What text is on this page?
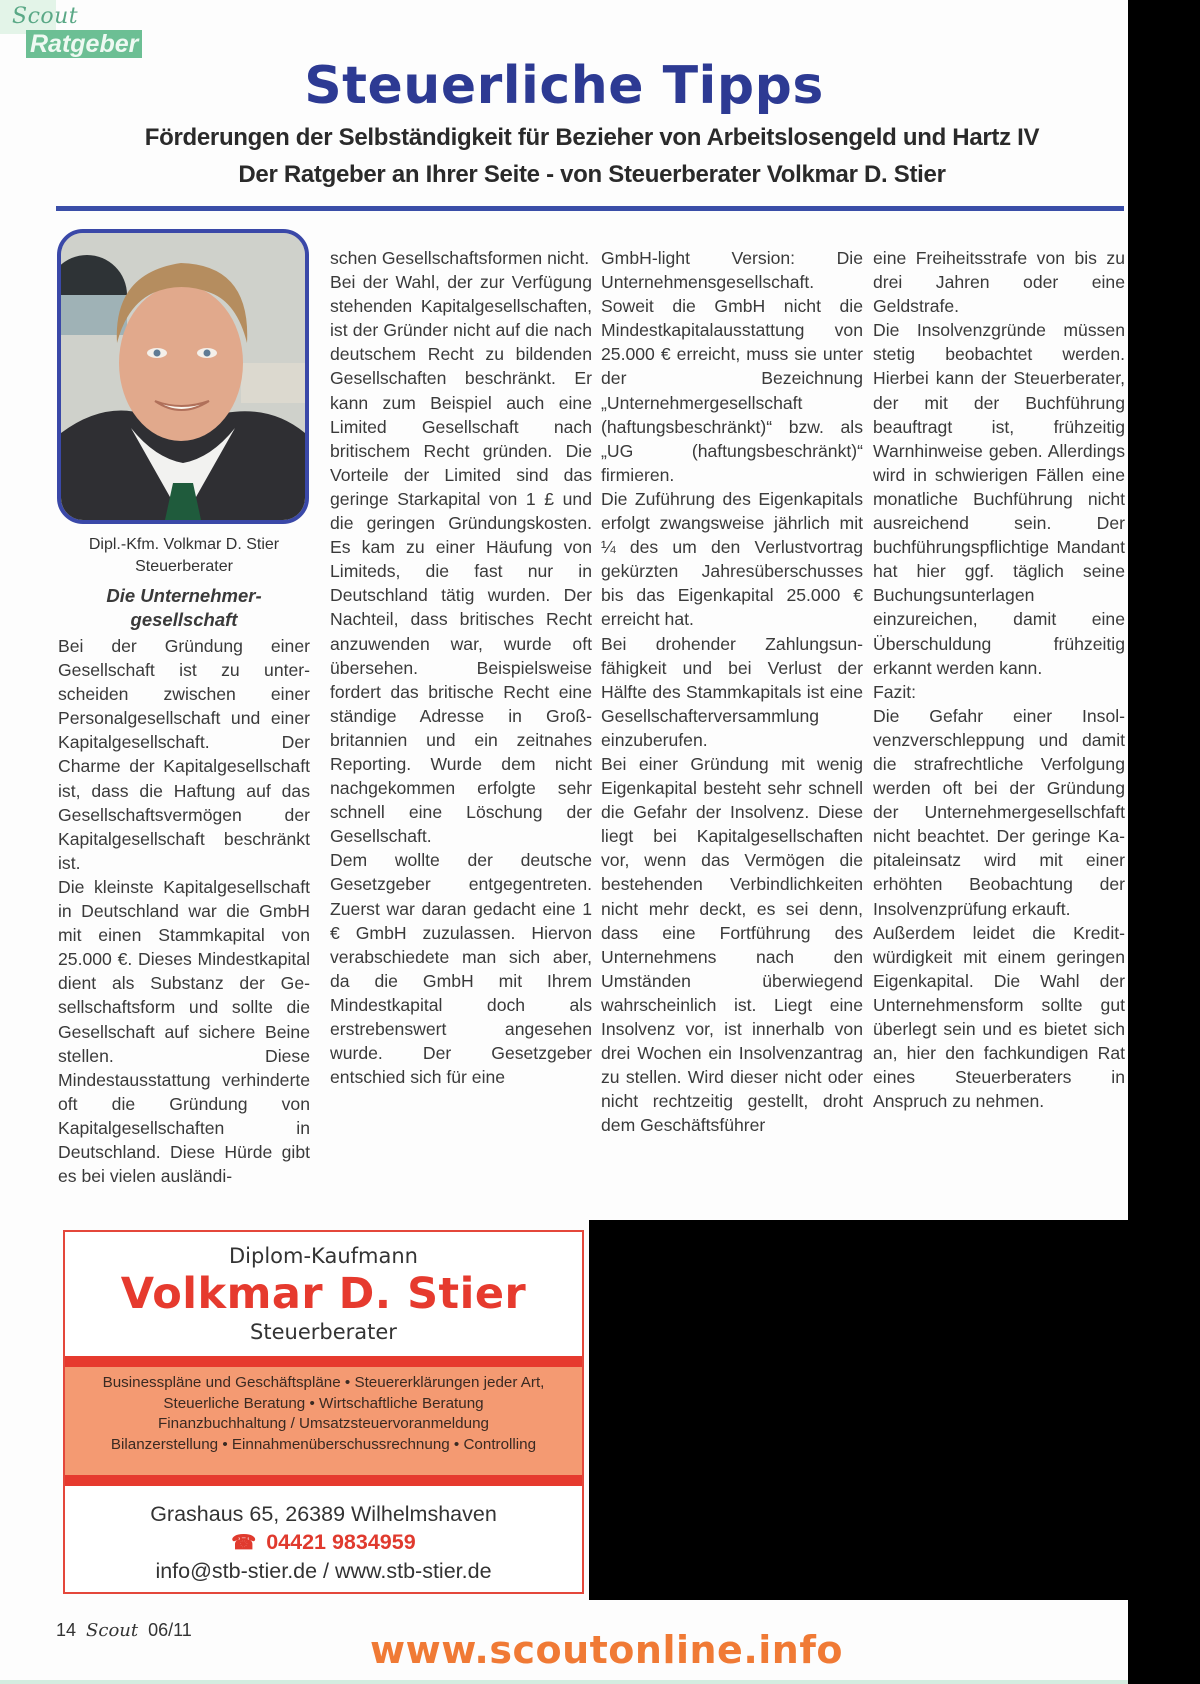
Scout
Ratgeber
Steuerliche Tipps
Förderungen der Selbständigkeit für Bezieher von Arbeitslosengeld und Hartz IV
Der Ratgeber an Ihrer Seite - von Steuerberater Volkmar D. Stier
Dipl.-Kfm. Volkmar D. Stier
Steuerberater
Die Unternehmer-
gesellschaft

Bei der Gründung einer Gesellschaft ist zu unterscheiden zwischen einer Personalgesellschaft und einer Kapitalgesellschaft. Der Charme der Kapitalgesellschaft ist, dass die Haftung auf das Gesellschaftsvermögen der Kapitalgesellschaft beschränkt ist.

Die kleinste Kapitalgesellschaft in Deutschland war die GmbH mit einen Stammkapital von 25.000 €. Dieses Mindestkapital dient als Substanz der Gesellschaftsform und sollte die Gesellschaft auf sichere Beine stellen. Diese Mindestausstattung verhinderte oft die Gründung von Kapitalgesellschaften in Deutschland. Diese Hürde gibt es bei vielen ausländi-

schen Gesellschaftsformen nicht.

Bei der Wahl, der zur Verfügung stehenden Kapitalgesellschaften, ist der Gründer nicht auf die nach deutschem Recht zu bildenden Gesellschaften beschränkt. Er kann zum Beispiel auch eine Limited Gesellschaft nach britischem Recht gründen. Die Vorteile der Limited sind das geringe Starkapital von 1 £ und die geringen Gründungskosten. Es kam zu einer Häufung von Limiteds, die fast nur in Deutschland tätig wurden. Der Nachteil, dass britisches Recht anzuwenden war, wurde oft übersehen. Beispielsweise fordert das britische Recht eine ständige Adresse in Großbritannien und ein zeitnahes Reporting. Wurde dem nicht nachgekommen erfolgte sehr schnell eine Löschung der Gesellschaft.

Dem wollte der deutsche Gesetzgeber entgegentreten. Zuerst war daran gedacht eine 1 € GmbH zuzulassen. Hiervon verabschiedete man sich aber, da die GmbH mit Ihrem Mindestkapital doch als erstrebenswert angesehen wurde. Der Gesetzgeber entschied sich für eine

GmbH-light Version: Die Unternehmensgesellschaft. Soweit die GmbH nicht die Mindestkapitalausstattung von 25.000 € erreicht, muss sie unter der Bezeichnung „Unternehmergesellschaft (haftungsbeschränkt)“ bzw. als „UG (haftungsbeschränkt)“ firmieren.

Die Zuführung des Eigenkapitals erfolgt zwangsweise jährlich mit ¼ des um den Verlustvortrag gekürzten Jahresüberschusses bis das Eigenkapital 25.000 € erreicht hat.

Bei drohender Zahlungsunfähigkeit und bei Verlust der Hälfte des Stammkapitals ist eine Gesellschafterversammlung einzuberufen.

Bei einer Gründung mit wenig Eigenkapital besteht sehr schnell die Gefahr der Insolvenz. Diese liegt bei Kapitalgesellschaften vor, wenn das Vermögen die bestehenden Verbindlichkeiten nicht mehr deckt, es sei denn, dass eine Fortführung des Unternehmens nach den Umständen überwiegend wahrscheinlich ist. Liegt eine Insolvenz vor, ist innerhalb von drei Wochen ein Insolvenzantrag zu stellen. Wird dieser nicht oder nicht rechtzeitig gestellt, droht dem Geschäftsführer

eine Freiheitsstrafe von bis zu drei Jahren oder eine Geldstrafe.

Die Insolvenzgründe müssen stetig beobachtet werden. Hierbei kann der Steuerberater, der mit der Buchführung beauftragt ist, frühzeitig Warnhinweise geben. Allerdings wird in schwierigen Fällen eine monatliche Buchführung nicht ausreichend sein. Der buchführungspflichtige Mandant hat hier ggf. täglich seine Buchungsunterlagen einzureichen, damit eine Überschuldung frühzeitig erkannt werden kann.

Fazit:

Die Gefahr einer Insolvenzverschleppung und damit die strafrechtliche Verfolgung werden oft bei der Gründung der Unternehmergesellschfaft nicht beachtet. Der geringe Kapitaleinsatz wird mit einer erhöhten Beobachtung der Insolvenzprüfung erkauft.

Außerdem leidet die Kreditwürdigkeit mit einem geringen Eigenkapital. Die Wahl der Unternehmensform sollte gut überlegt sein und es bietet sich an, hier den fachkundigen Rat eines Steuerberaters in Anspruch zu nehmen.

Diplom-Kaufmann
Volkmar D. Stier
Steuerberater
Businesspläne und Geschäftspläne • Steuererklärungen jeder Art,
Steuerliche Beratung • Wirtschaftliche Beratung
Finanzbuchhaltung / Umsatzsteuervoranmeldung
Bilanzerstellung • Einnahmenüberschussrechnung • Controlling
Grashaus 65, 26389 Wilhelmshaven
☎ 04421 9834959
info@stb-stier.de / www.stb-stier.de
14 Scout 06/11	www.scoutonline.info
